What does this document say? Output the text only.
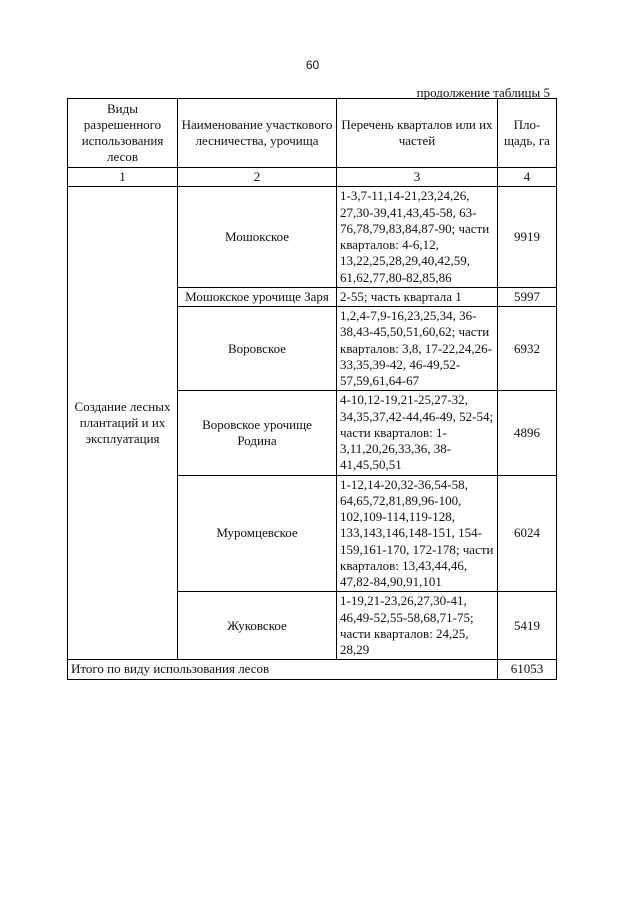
60
продолжение таблицы 5
Виды разрешенного использования лесов	Наименование участкового лесничества, урочища	Перечень кварталов или их частей	Пло-щадь, га
1	2	3	4
Создание лесных плантаций и их эксплуатация	Мошокское	1-3,7-11,14-21,23,24,26, 27,30-39,41,43,45-58, 63-76,78,79,83,84,87-90; части кварталов: 4-6,12, 13,22,25,28,29,40,42,59, 61,62,77,80-82,85,86	9919
	Мошокское урочище Заря	2-55; часть квартала 1	5997
	Воровское	1,2,4-7,9-16,23,25,34, 36-38,43-45,50,51,60,62; части кварталов: 3,8, 17-22,24,26-33,35,39-42, 46-49,52-57,59,61,64-67	6932
	Воровское урочище Родина	4-10,12-19,21-25,27-32, 34,35,37,42-44,46-49, 52-54; части кварталов: 1-3,11,20,26,33,36, 38-41,45,50,51	4896
	Муромцевское	1-12,14-20,32-36,54-58, 64,65,72,81,89,96-100, 102,109-114,119-128, 133,143,146,148-151, 154-159,161-170, 172-178; части кварталов: 13,43,44,46, 47,82-84,90,91,101	6024
	Жуковское	1-19,21-23,26,27,30-41, 46,49-52,55-58,68,71-75; части кварталов: 24,25, 28,29	5419
Итого по виду использования лесов			61053
